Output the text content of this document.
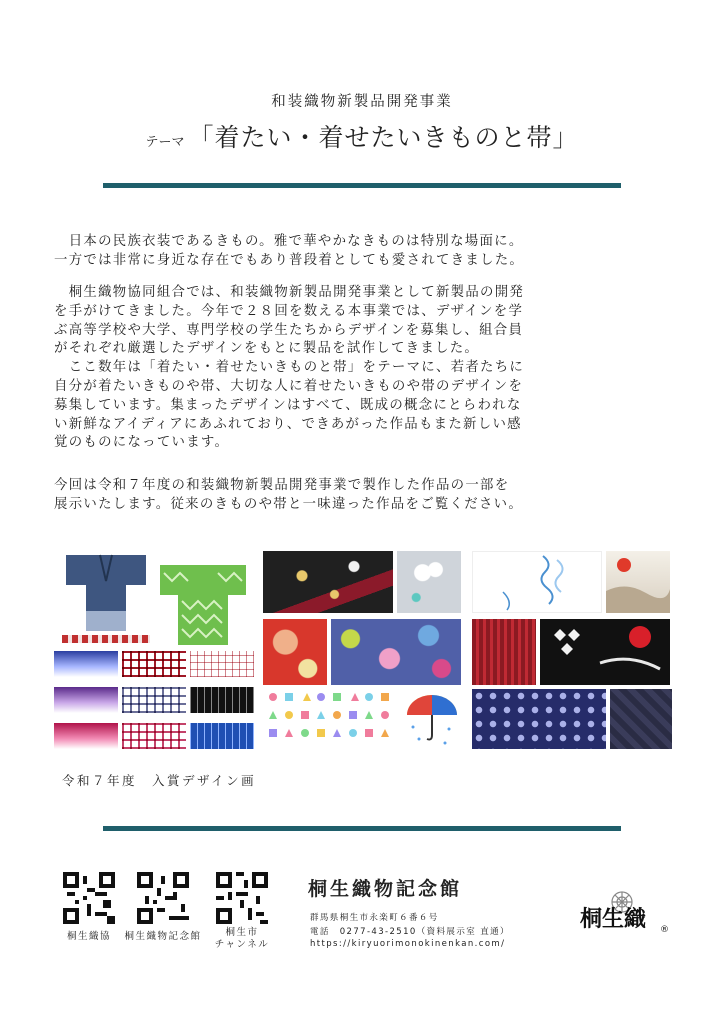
和装織物新製品開発事業
テーマ 「着たい・着せたいきものと帯」

　日本の民族衣装であるきもの。雅で華やかなきものは特別な場面に。
一方では非常に身近な存在でもあり普段着としても愛されてきました。

　桐生織物協同組合では、和装織物新製品開発事業として新製品の開発
を手がけてきました。今年で２８回を数える本事業では、デザインを学
ぶ高等学校や大学、専門学校の学生たちからデザインを募集し、組合員
がそれぞれ厳選したデザインをもとに製品を試作してきました。
　ここ数年は「着たい・着せたいきものと帯」をテーマに、若者たちに
自分が着たいきものや帯、大切な人に着せたいきものや帯のデザインを
募集しています。集まったデザインはすべて、既成の概念にとらわれな
い新鮮なアイディアにあふれており、できあがった作品もまた新しい感
覚のものになっています。

今回は令和７年度の和装織物新製品開発事業で製作した作品の一部を
展示いたします。従来のきものや帯と一味違った作品をご覧ください。

令和７年度　入賞デザイン画
桐生織協	桐生織物記念館	桐生市
チャンネル
桐生織物記念館
群馬県桐生市永楽町６番６号
電話　 0277-43-2510（資料展示室 直通）
https://kiryuorimonokinenkan.com/
桐生織 ®
